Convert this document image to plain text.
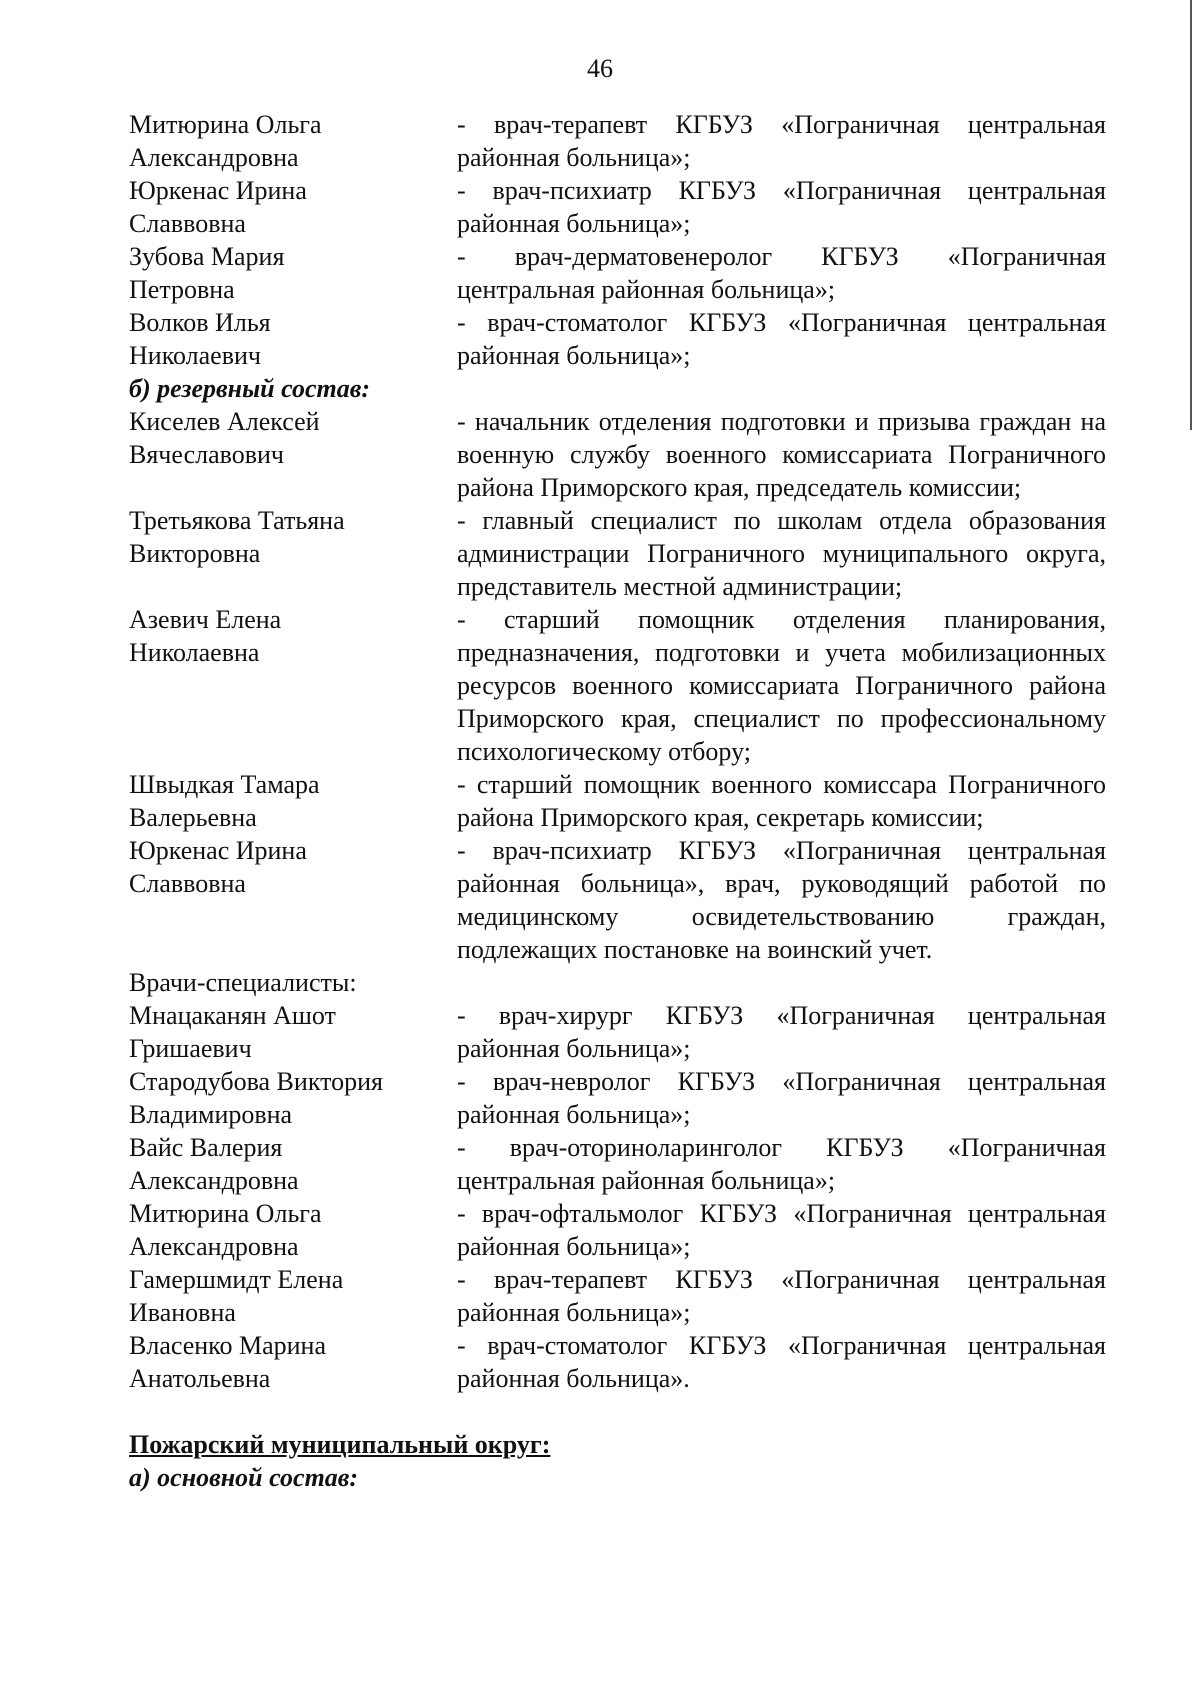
46
Митюрина Ольга
Александровна
- врач-терапевт КГБУЗ «Пограничная центральная районная больница»;
Юркенас Ирина
Славвовна
- врач-психиатр КГБУЗ «Пограничная центральная районная больница»;
Зубова Мария
Петровна
- врач-дерматовенеролог КГБУЗ «Пограничная центральная районная больница»;
Волков Илья
Николаевич
- врач-стоматолог КГБУЗ «Пограничная центральная районная больница»;
б) резервный состав:
Киселев Алексей
Вячеславович
- начальник отделения подготовки и призыва граждан на военную службу военного комиссариата Пограничного района Приморского края, председатель комиссии;
Третьякова Татьяна
Викторовна
- главный специалист по школам отдела образования администрации Пограничного муниципального округа, представитель местной администрации;
Азевич Елена
Николаевна
- старший помощник отделения планирования, предназначения, подготовки и учета мобилизационных ресурсов военного комиссариата Пограничного района Приморского края, специалист по профессиональному психологическому отбору;
Швыдкая Тамара
Валерьевна
- старший помощник военного комиссара Пограничного района Приморского края, секретарь комиссии;
Юркенас Ирина
Славвовна
- врач-психиатр КГБУЗ «Пограничная центральная районная больница», врач, руководящий работой по медицинскому освидетельствованию граждан, подлежащих постановке на воинский учет.
Врачи-специалисты:
Мнацаканян Ашот
Гришаевич
- врач-хирург КГБУЗ «Пограничная центральная районная больница»;
Стародубова Виктория
Владимировна
- врач-невролог КГБУЗ «Пограничная центральная районная больница»;
Вайс Валерия
Александровна
- врач-оториноларинголог КГБУЗ «Пограничная центральная районная больница»;
Митюрина Ольга
Александровна
- врач-офтальмолог КГБУЗ «Пограничная центральная районная больница»;
Гамершмидт Елена
Ивановна
- врач-терапевт КГБУЗ «Пограничная центральная районная больница»;
Власенко Марина
Анатольевна
- врач-стоматолог КГБУЗ «Пограничная центральная районная больница».
Пожарский муниципальный округ:
а) основной состав:
